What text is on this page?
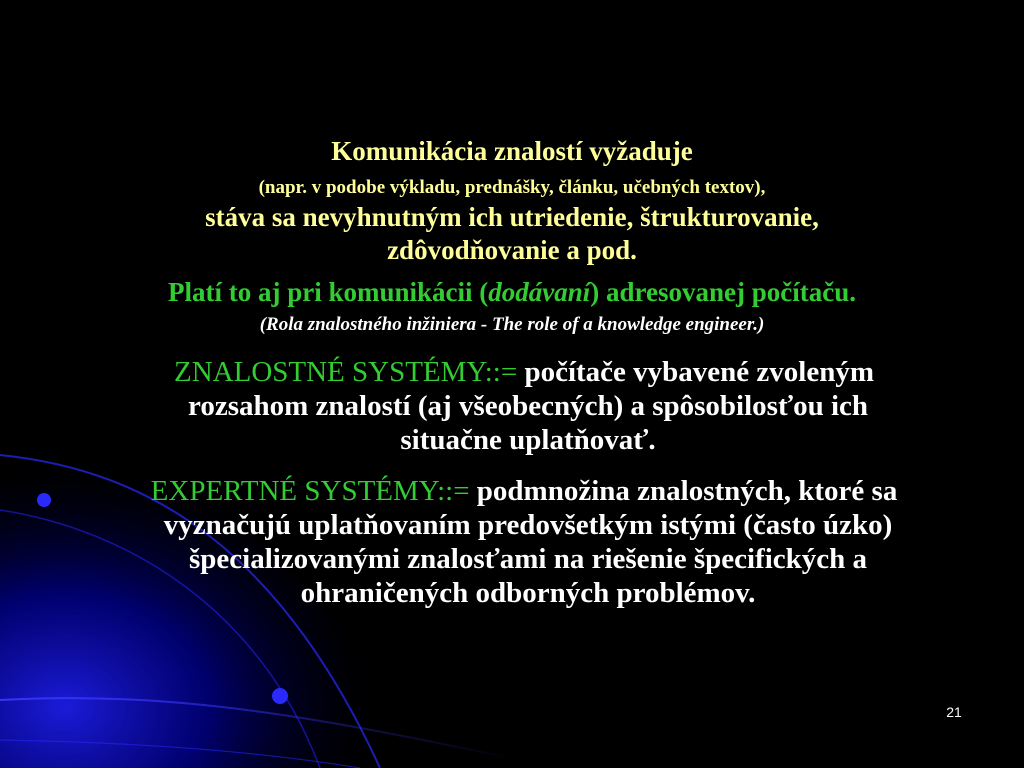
Komunikácia znalostí vyžaduje
(napr. v podobe výkladu, prednášky, článku, učebných textov),
stáva sa nevyhnutným ich utriedenie, štrukturovanie,
zdôvodňovanie a pod.
Platí to aj pri komunikácii (dodávaní) adresovanej počítaču.
(Rola znalostného inžiniera - The role of a knowledge engineer.)
ZNALOSTNÉ SYSTÉMY::= počítače vybavené zvoleným
rozsahom znalostí (aj všeobecných) a spôsobilosťou ich
situačne uplatňovať.
EXPERTNÉ SYSTÉMY::= podmnožina znalostných, ktoré sa
vyznačujú uplatňovaním predovšetkým istými (často úzko)
špecializovanými znalosťami na riešenie špecifických a
ohraničených odborných problémov.
21
